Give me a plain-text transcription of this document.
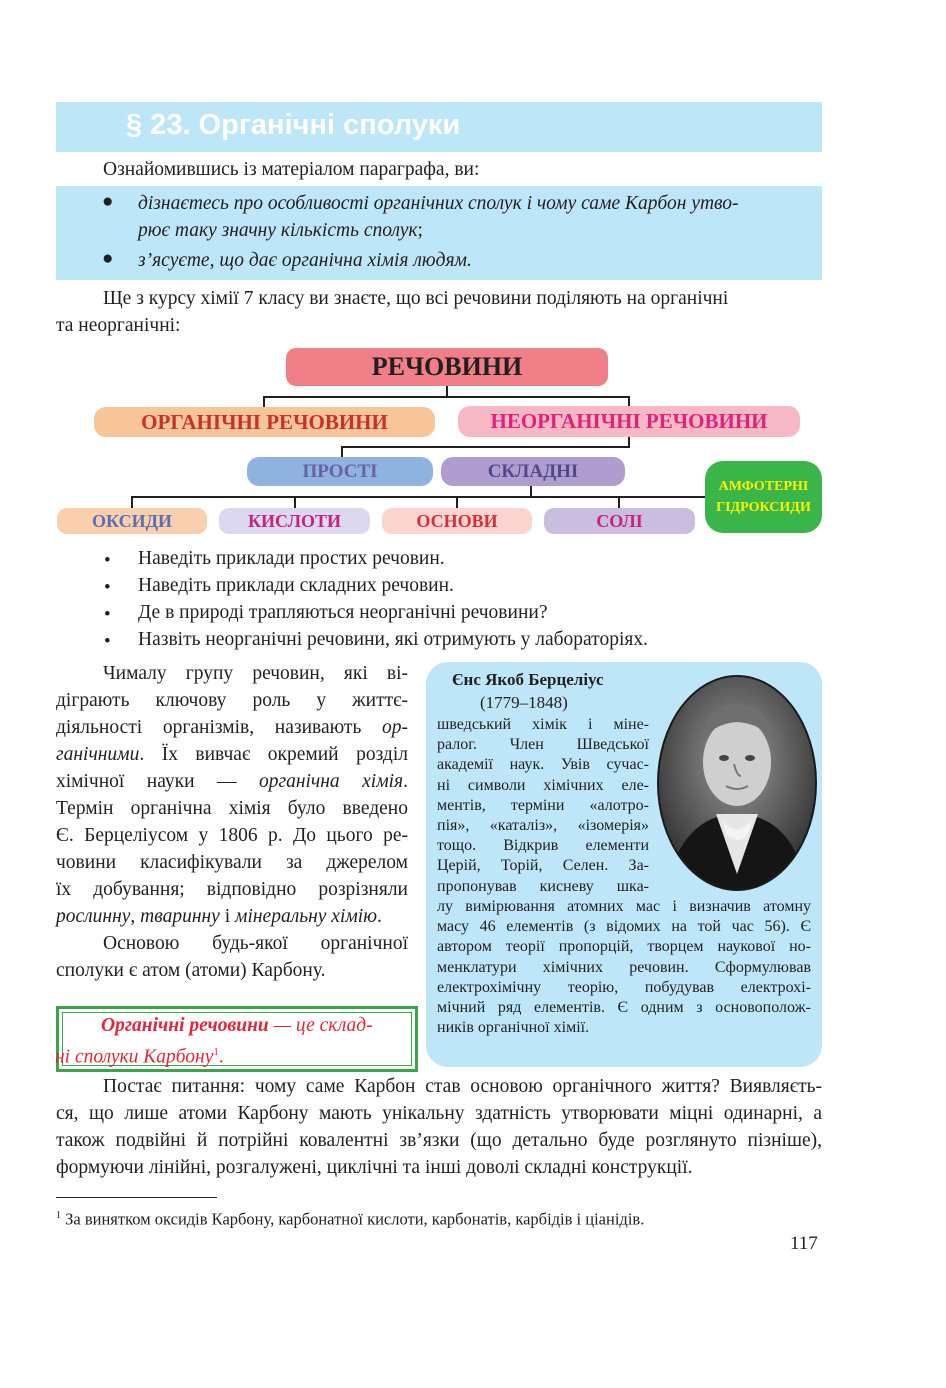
§ 23. Органічні сполуки
Ознайомившись із матеріалом параграфа, ви:
● дізнаєтесь про особливості органічних сполук і чому саме Карбон утво-
рює таку значну кількість сполук;
● з’ясуєте, що дає органічна хімія людям.
Ще з курсу хімії 7 класу ви знаєте, що всі речовини поділяють на органічні
та неорганічні:
РЕЧОВИНИ
ОРГАНІЧНІ РЕЧОВИНИ	НЕОРГАНІЧНІ РЕЧОВИНИ
ПРОСТІ	СКЛАДНІ
АМФОТЕРНІ
ГІДРОКСИДИ
ОКСИДИ	КИСЛОТИ	ОСНОВИ	СОЛІ
• Наведіть приклади простих речовин.
• Наведіть приклади складних речовин.
• Де в природі трапляються неорганічні речовини?
• Назвіть неорганічні речовини, які отримують у лабораторіях.
Чималу групу речовин, які ві-
діграють ключову роль у життє-
діяльності організмів, називають ор-
ганічними. Їх вивчає окремий розділ
хімічної науки — органічна хімія.
Термін органічна хімія було введено
Є. Берцеліусом у 1806 р. До цього ре-
човини класифікували за джерелом
їх добування; відповідно розрізняли
рослинну, тваринну і мінеральну хімію.
Основою будь-якої органічної
сполуки є атом (атоми) Карбону.
Органічні речовини — це склад-
ні сполуки Карбону$^1$.
Єнс Якоб Берцеліус
(1779–1848)
шведський хімік і міне-
ралог. Член Шведської
академії наук. Увів сучас-
ні символи хімічних еле-
ментів, терміни «алотро-
пія», «каталіз», «ізомерія»
тощо. Відкрив елементи
Церій, Торій, Селен. За-
пропонував кисневу шка-
лу вимірювання атомних мас і визначив атомну
масу 46 елементів (з відомих на той час 56). Є
автором теорії пропорцій, творцем наукової но-
менклатури хімічних речовин. Сформулював
електрохімічну теорію, побудував електрохі-
мічний ряд елементів. Є одним з основополож-
ників органічної хімії.
Постає питання: чому саме Карбон став основою органічного життя? Виявляєть-
ся, що лише атоми Карбону мають унікальну здатність утворювати міцні одинарні, а
також подвійні й потрійні ковалентні зв’язки (що детально буде розглянуто пізніше),
формуючи лінійні, розгалужені, циклічні та інші доволі складні конструкції.
$^1$ За винятком оксидів Карбону, карбонатної кислоти, карбонатів, карбідів і ціанідів.
117
